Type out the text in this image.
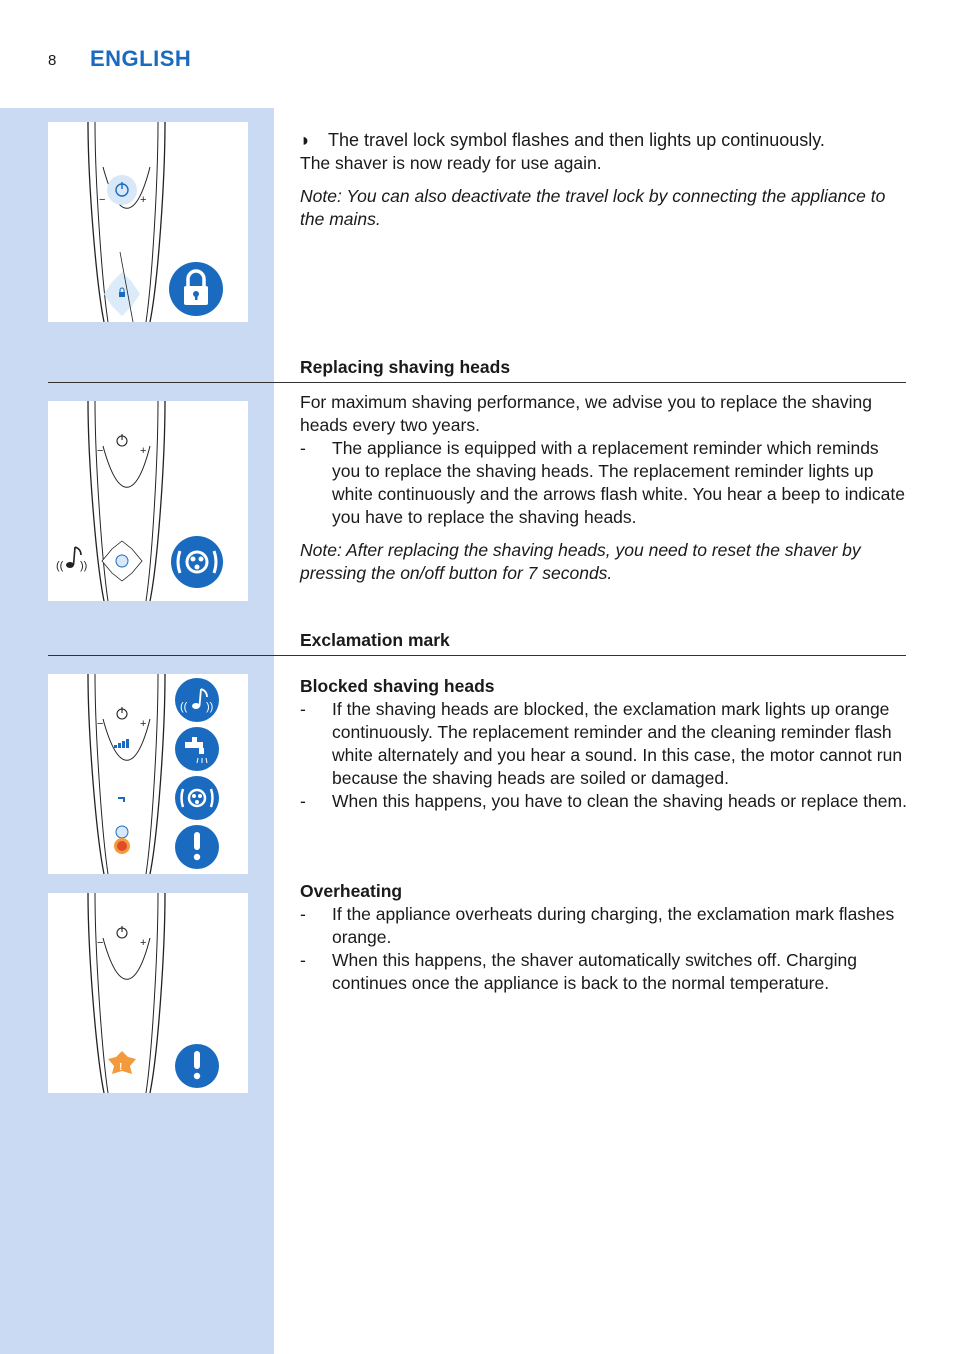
8 ENGLISH
−	+

◗ The travel lock symbol flashes and then lights up continuously.

The shaver is now ready for use again.

Note: You can also deactivate the travel lock by connecting the appliance to the mains.

Replacing shaving heads
−	+
(( ))

For maximum shaving performance, we advise you to replace the shaving heads every two years.

-	The appliance is equipped with a replacement reminder which reminds you to replace the shaving heads. The replacement reminder lights up white continuously and the arrows flash white. You hear a beep to indicate you have to replace the shaving heads.

Note: After replacing the shaving heads, you need to reset the shaver by pressing the on/off button for 7 seconds.

Exclamation mark
−	+
(( ))

Blocked shaving heads

-	If the shaving heads are blocked, the exclamation mark lights up orange continuously. The replacement reminder and the cleaning reminder flash white alternately and you hear a sound. In this case, the motor cannot run because the shaving heads are soiled or damaged.

-	When this happens, you have to clean the shaving heads or replace them.

−	+
!

Overheating

-	If the appliance overheats during charging, the exclamation mark flashes orange.

-	When this happens, the shaver automatically switches off. Charging continues once the appliance is back to the normal temperature.
